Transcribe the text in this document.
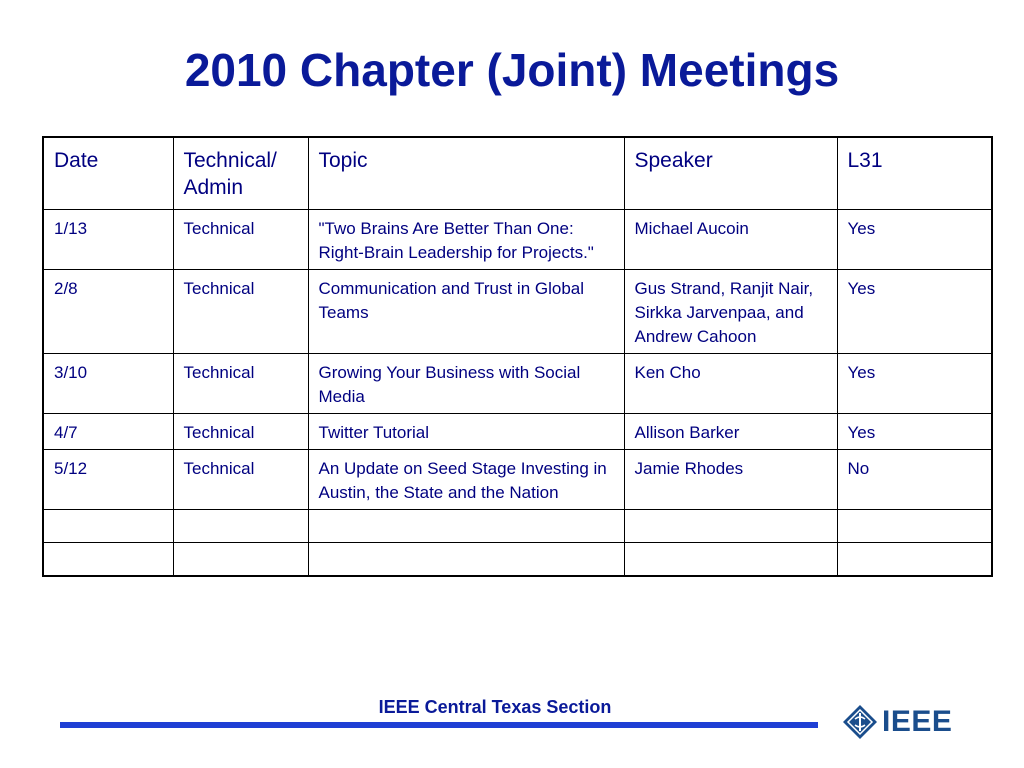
2010 Chapter (Joint) Meetings
Date	Technical/ Admin	Topic	Speaker	L31
1/13	Technical	"Two Brains Are Better Than One: Right-Brain Leadership for Projects."	Michael Aucoin	Yes
2/8	Technical	Communication and Trust in Global Teams	Gus Strand, Ranjit Nair, Sirkka Jarvenpaa, and Andrew Cahoon	Yes
3/10	Technical	Growing Your Business with Social Media	Ken Cho	Yes
4/7	Technical	Twitter Tutorial	Allison Barker	Yes
5/12	Technical	An Update on Seed Stage Investing in Austin, the State and the Nation	Jamie Rhodes	No

IEEE Central Texas Section	IEEE
